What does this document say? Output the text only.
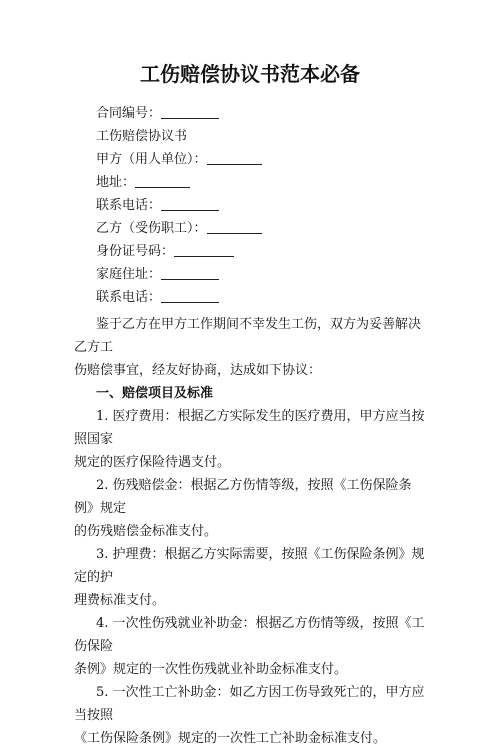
工伤赔偿协议书范本必备
合同编号：
工伤赔偿协议书
甲方（用人单位）：
地址：
联系电话：
乙方（受伤职工）：
身份证号码：
家庭住址：
联系电话：

鉴于乙方在甲方工作期间不幸发生工伤，双方为妥善解决乙方工

伤赔偿事宜，经友好协商，达成如下协议：
一、赔偿项目及标准

1. 医疗费用：根据乙方实际发生的医疗费用，甲方应当按照国家

规定的医疗保险待遇支付。

2. 伤残赔偿金：根据乙方伤情等级，按照《工伤保险条例》规定

的伤残赔偿金标准支付。

3. 护理费：根据乙方实际需要，按照《工伤保险条例》规定的护

理费标准支付。

4. 一次性伤残就业补助金：根据乙方伤情等级，按照《工伤保险

条例》规定的一次性伤残就业补助金标准支付。

5. 一次性工亡补助金：如乙方因工伤导致死亡的，甲方应当按照

《工伤保险条例》规定的一次性工亡补助金标准支付。
